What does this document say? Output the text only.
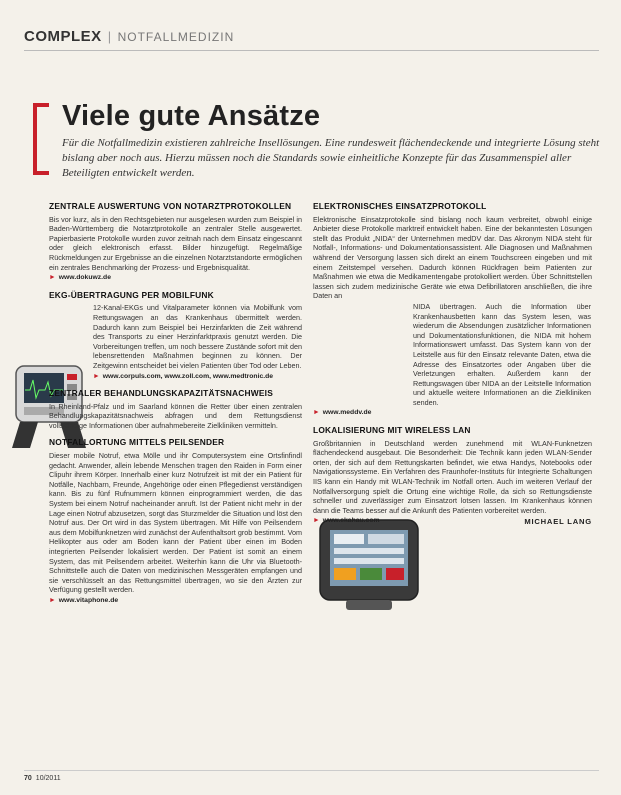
COMPLEX | NOTFALLMEDIZIN
Viele gute Ansätze

Für die Notfallmedizin existieren zahlreiche Insellösungen. Eine rundesweit flächendeckende und integrierte Lösung steht bislang aber noch aus. Hierzu müssen noch die Standards sowie einheitliche Konzepte für das Zusammenspiel aller Beteiligten entwickelt werden.

ZENTRALE AUSWERTUNG VON NOTARZTPROTOKOLLEN
Bis vor kurz, als in den Rechtsgebieten nur ausgelesen wurden zum Beispiel in Baden-Württemberg die Notarztprotokolle an zentraler Stelle ausgewertet. Papierbasierte Protokolle wurden zuvor zeitnah nach dem Einsatz eingescannt oder gleich elektronisch erfasst. Bilder hinzugefügt. Regelmäßige Rückmeldungen zur Ergebnisse an die einzelnen Notarztstandorte ermöglichen ein zentrales Benchmarking der Prozess- und Ergebnisqualität.
► www.dokuwz.de
EKG-ÜBERTRAGUNG PER MOBILFUNK
12-Kanal-EKGs und Vitalparameter können via Mobilfunk vom Rettungswagen an das Krankenhaus übermittelt werden. Dadurch kann zum Beispiel bei Herzinfarkten die Zeit während des Transports zu einer Herzinfarktpraxis genutzt werden. Die Vorbereitungen treffen, um noch bessere Zustände sofort mit den lebensrettenden Maßnahmen beginnen zu können. Der Zeitgewinn entscheidet bei vielen Patienten über Tod oder Leben.
► www.corpuls.com, www.zoll.com, www.medtronic.de
ZENTRALER BEHANDLUNGSKAPAZITÄTSNACHWEIS
In Rheinland-Pfalz und im Saarland können die Retter über einen zentralen Behandlungskapazitätsnachweis abfragen und dem Rettungsdienst vollständige Informationen über aufnahmebereite Zielkliniken vermitteln.
NOTFALLORTUNG MITTELS PEILSENDER
Dieser mobile Notruf, etwa Mölle und ihr Computersystem eine Ortsfinfindl gedacht. Anwender, allein lebende Menschen tragen den Raiden in Form einer Clipuhr ihrem Körper. Innerhalb einer kurz Notrufzeit ist mit der ein Patient für Notfälle, Nachbarn, Freunde, Angehörige oder einen Pflegedienst verständigen kann. Bis zu fünf Rufnummern können einprogrammiert werden, die das System bei einem Notruf nacheinander anruft. Ist der Patient nicht mehr in der Lage einen Notruf abzusetzen, sorgt das Sturzmelder die Situation und löst den Notruf aus. Der Ort wird in das System übertragen. Mit Hilfe von Peilsendern aus dem Mobilfunknetzen wird zunächst der Aufenthaltsort grob bestimmt. Vom Helikopter aus oder am Boden kann der Patient über einen im Boden integrierten Peilsender lokalisiert werden. Der Patient ist somit an einem System, das mit Peilsendern arbeitet. Weiterhin kann die Uhr via Bluetooth-Schnittstelle auch die Daten von medizinischen Messgeräten empfangen und sie verschlüsselt an das Rettungsmittel übertragen, wo sie den Ärzten zur Verfügung gestellt werden.
► www.vitaphone.de
ELEKTRONISCHES EINSATZPROTOKOLL
Elektronische Einsatzprotokolle sind bislang noch kaum verbreitet, obwohl einige Anbieter diese Protokolle marktreif entwickelt haben. Eine der bekanntesten Lösungen stellt das Produkt „NIDA“ der Unternehmen medDV dar. Das Akronym NIDA steht für Notfall-, Informations- und Dokumentationsassistent. Alle Diagnosen und Maßnahmen während der Versorgung lassen sich direkt an einem Touchscreen eingeben und mit einem Zeitstempel versehen. Dadurch können Rückfragen beim Patienten zur Maßnahmen wie etwa die Medikamentengabe protokolliert werden. Über Schnittstellen lassen sich zudem medizinische Geräte wie etwa Defibrillatoren anschließen, die ihre Daten an
NIDA übertragen. Auch die Information über Krankenhausbetten kann das System lesen, was wiederum die Absendungen zusätzlicher Informationen und Dokumentationsfunktionen, die NIDA mit hohem Informationswert umfasst. Das System kann von der Leitstelle aus für den Einsatz relevante Daten, etwa die Adresse des Einsatzortes oder Angaben über die Verletzungen erhalten. Außerdem kann der Rettungswagen über NIDA an der Leitstelle Information und aktuelle weitere Informationen an die Zielkliniken senden.
► www.meddv.de
LOKALISIERUNG MIT WIRELESS LAN
Großbritannien in Deutschland werden zunehmend mit WLAN-Funknetzen flächendeckend ausgebaut. Die Besonderheit: Die Technik kann jeden WLAN-Sender orten, der sich auf dem Rettungskarten befindet, wie etwa Handys, Notebooks oder Navigationssysteme. Ein Verfahren des Fraunhofer-Instituts für Integrierte Schaltungen IIS kann ein Handy mit WLAN-Technik im Notfall orten. Auch im weiteren Verlauf der Notfallversorgung spielt die Ortung eine wichtige Rolle, da sich so Rettungsdienste schneller und zuverlässiger zum Einsatzort lotsen lassen. Im Krankenhaus können dann die Teams besser auf die Ankunft des Patienten vorbereitet werden.
► www.ekahau.com	MICHAEL LANG
70 10/2011
